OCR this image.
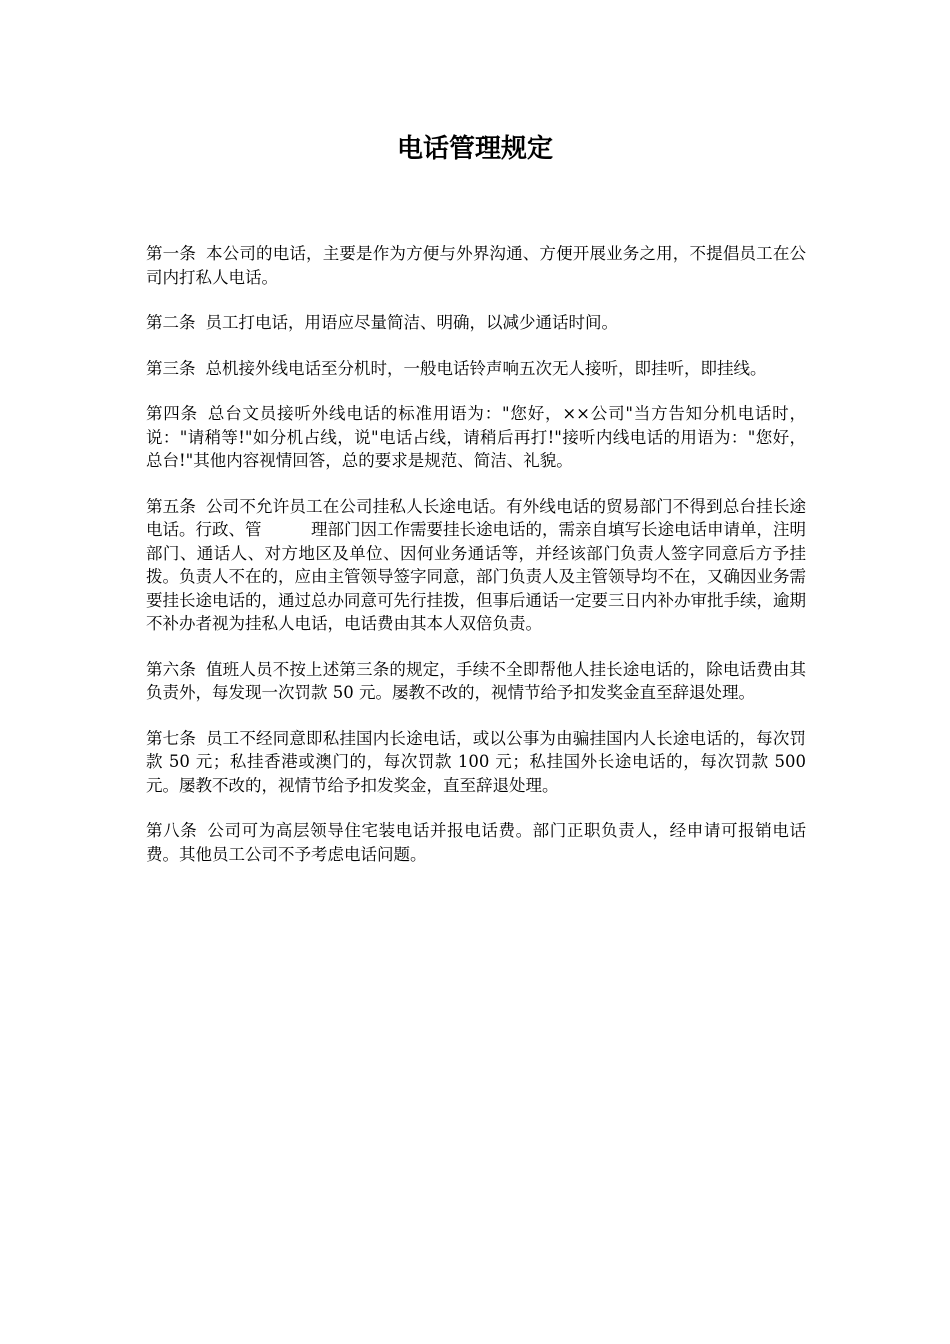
电话管理规定

第一条 本公司的电话，主要是作为方便与外界沟通、方便开展业务之用，不提倡员工在公司内打私人电话。

第二条 员工打电话，用语应尽量简洁、明确，以减少通话时间。

第三条 总机接外线电话至分机时，一般电话铃声响五次无人接听，即挂听，即挂线。

第四条 总台文员接听外线电话的标准用语为："您好，××公司"当方告知分机电话时，说："请稍等!"如分机占线，说"电话占线，请稍后再打!"接听内线电话的用语为："您好，总台!"其他内容视情回答，总的要求是规范、简洁、礼貌。

第五条 公司不允许员工在公司挂私人长途电话。有外线电话的贸易部门不得到总台挂长途电话。行政、管　　　理部门因工作需要挂长途电话的，需亲自填写长途电话申请单，注明部门、通话人、对方地区及单位、因何业务通话等，并经该部门负责人签字同意后方予挂拨。负责人不在的，应由主管领导签字同意，部门负责人及主管领导均不在，又确因业务需要挂长途电话的，通过总办同意可先行挂拨，但事后通话一定要三日内补办审批手续，逾期不补办者视为挂私人电话，电话费由其本人双倍负责。

第六条 值班人员不按上述第三条的规定，手续不全即帮他人挂长途电话的，除电话费由其负责外，每发现一次罚款 50 元。屡教不改的，视情节给予扣发奖金直至辞退处理。

第七条 员工不经同意即私挂国内长途电话，或以公事为由骗挂国内人长途电话的，每次罚款 50 元；私挂香港或澳门的，每次罚款 100 元；私挂国外长途电话的，每次罚款 500 元。屡教不改的，视情节给予扣发奖金，直至辞退处理。

第八条 公司可为高层领导住宅装电话并报电话费。部门正职负责人，经申请可报销电话费。其他员工公司不予考虑电话问题。
